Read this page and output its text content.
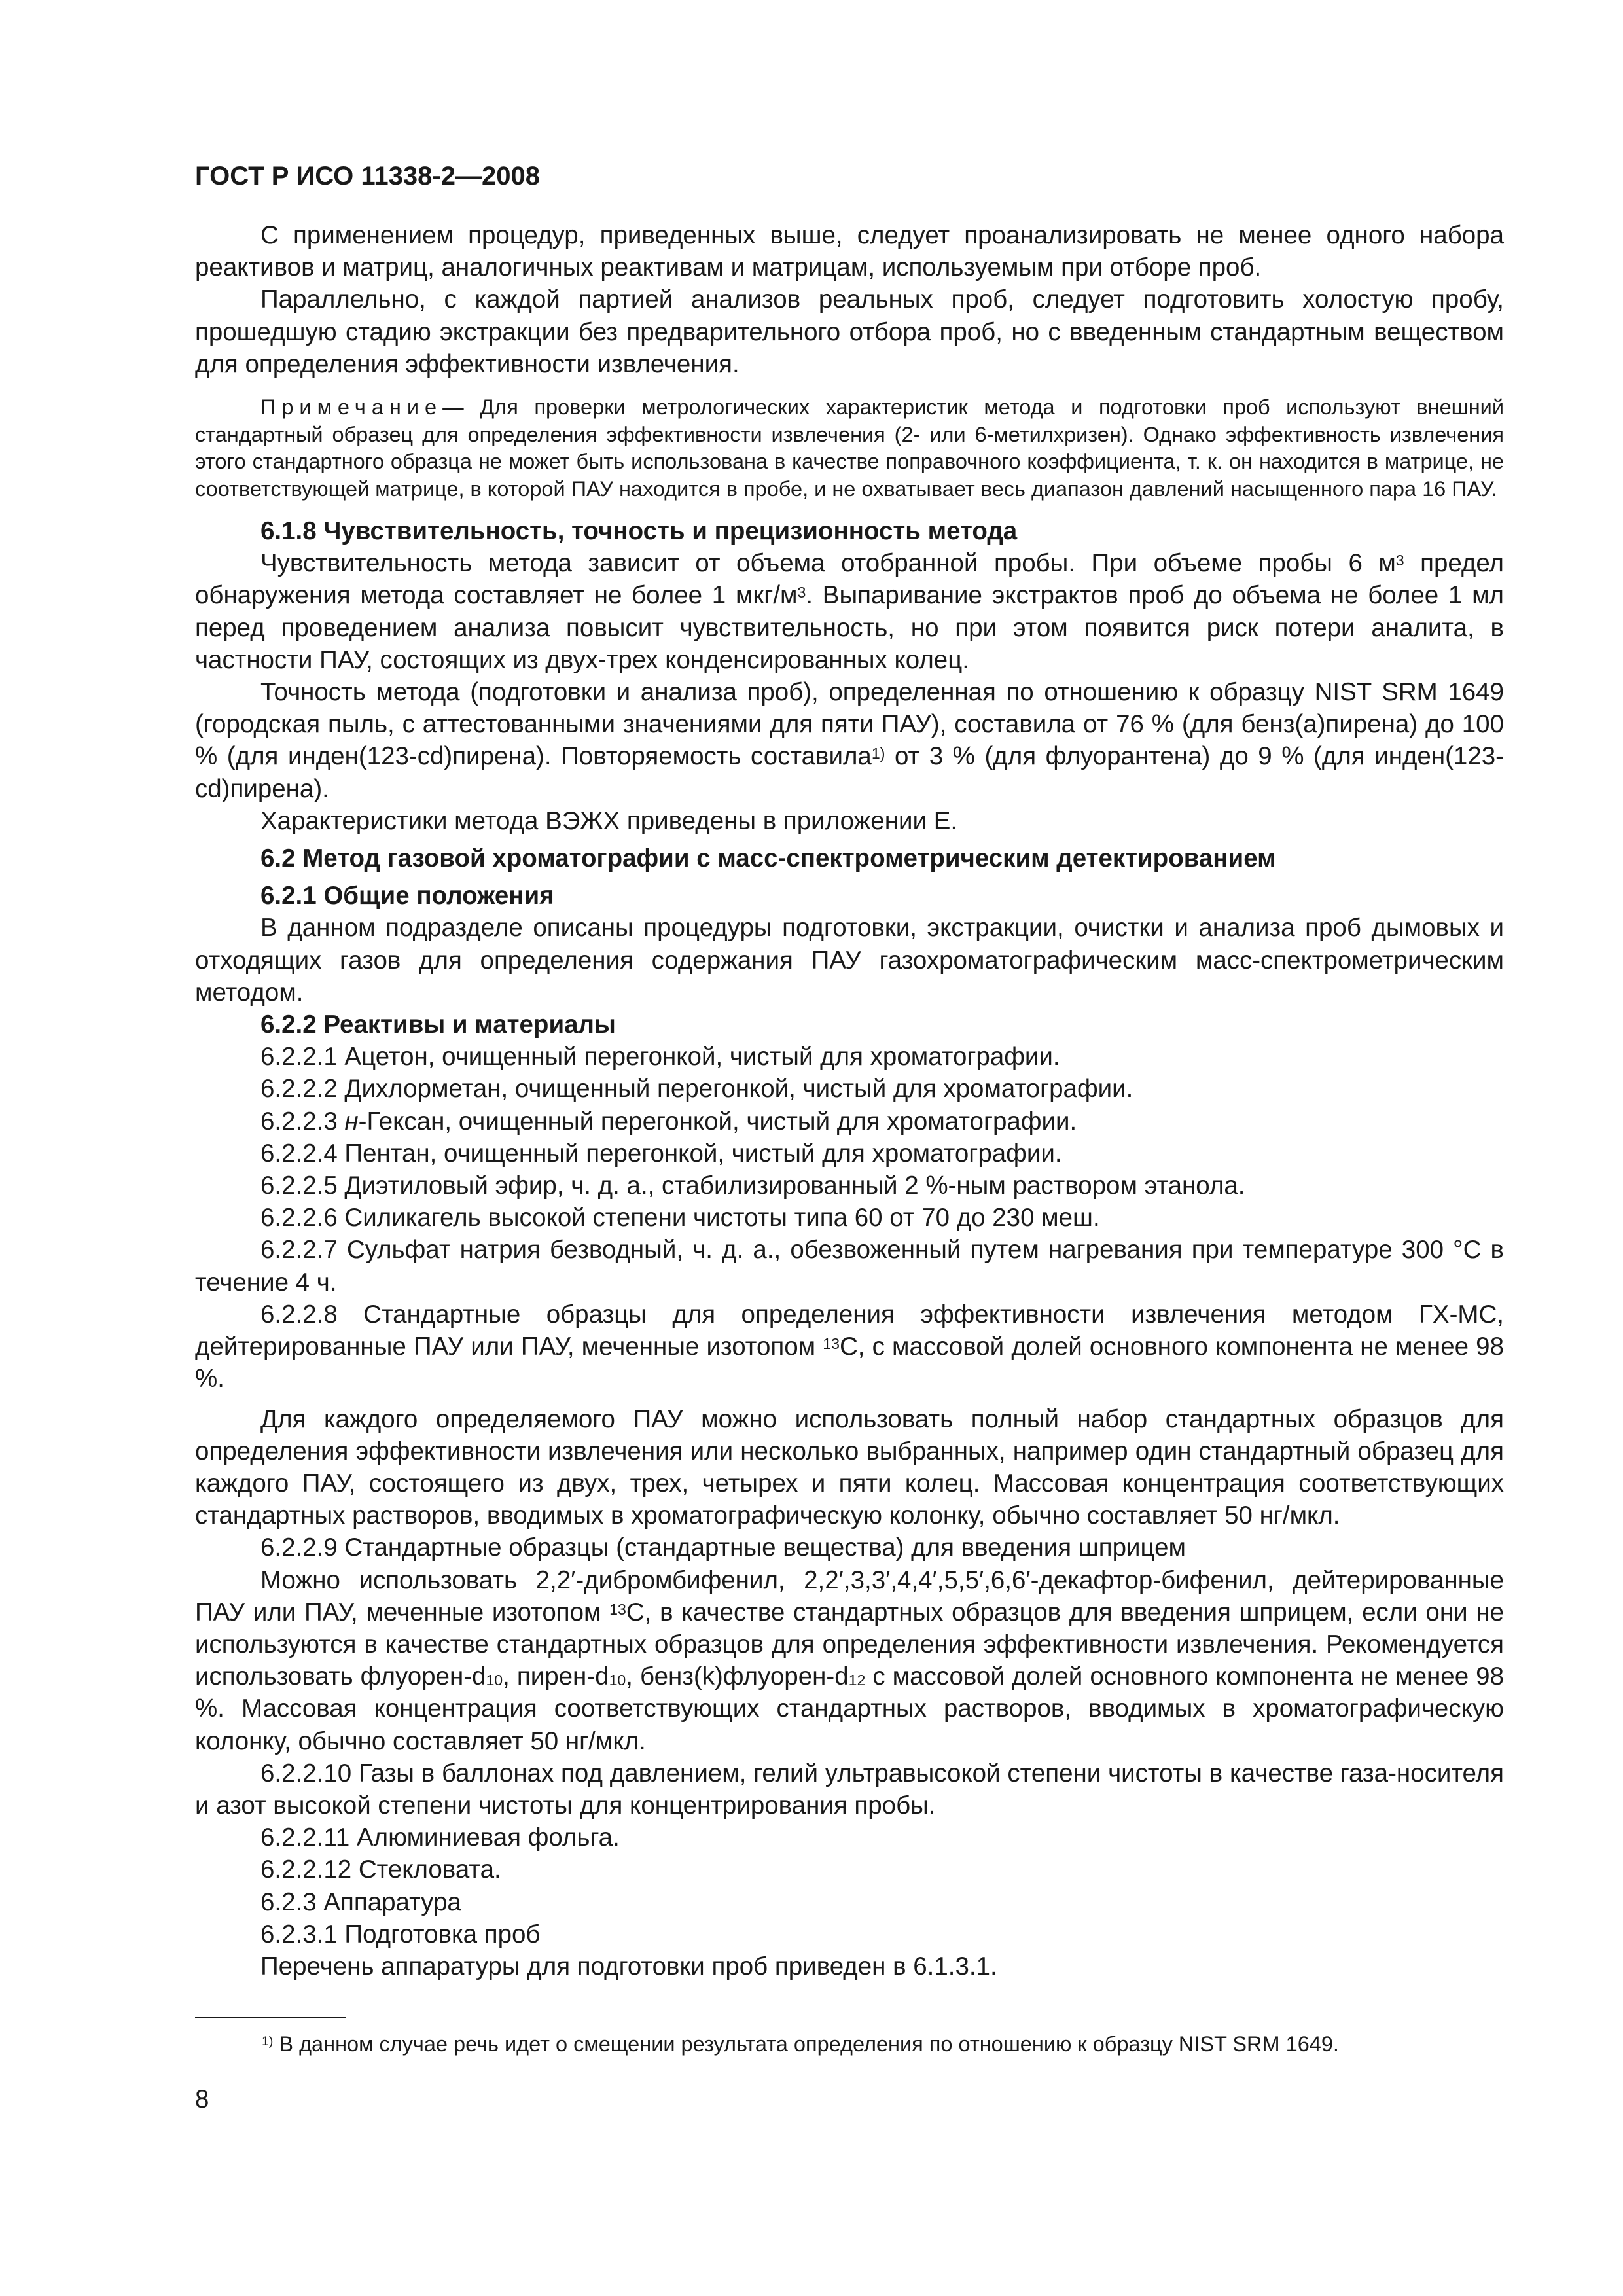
ГОСТ Р ИСО 11338-2—2008

С применением процедур, приведенных выше, следует проанализировать не менее одного набора реактивов и матриц, аналогичных реактивам и матрицам, используемым при отборе проб.

Параллельно, с каждой партией анализов реальных проб, следует подготовить холостую пробу, прошедшую стадию экстракции без предварительного отбора проб, но с введенным стандартным веществом для определения эффективности извлечения.

Примечание— Для проверки метрологических характеристик метода и подготовки проб используют внешний стандартный образец для определения эффективности извлечения (2- или 6-метилхризен). Однако эффективность извлечения этого стандартного образца не может быть использована в качестве поправочного коэффициента, т. к. он находится в матрице, не соответствующей матрице, в которой ПАУ находится в пробе, и не охватывает весь диапазон давлений насыщенного пара 16 ПАУ.

6.1.8 Чувствительность, точность и прецизионность метода

Чувствительность метода зависит от объема отобранной пробы. При объеме пробы 6 $м^3$ предел обнаружения метода составляет не более 1 мкг/$м^3$. Выпаривание экстрактов проб до объема не более 1 мл перед проведением анализа повысит чувствительность, но при этом появится риск потери аналита, в частности ПАУ, состоящих из двух-трех конденсированных колец.

Точность метода (подготовки и анализа проб), определенная по отношению к образцу NIST SRM 1649 (городская пыль, с аттестованными значениями для пяти ПАУ), составила от 76 % (для бенз(а)пирена) до 100 % (для инден(123-cd)пирена). Повторяемость составила$^{1)}$ от 3 % (для флуорантена) до 9 % (для инден(123-cd)пирена).

Характеристики метода ВЭЖХ приведены в приложении Е.

6.2 Метод газовой хроматографии с масс-спектрометрическим детектированием

6.2.1 Общие положения

В данном подразделе описаны процедуры подготовки, экстракции, очистки и анализа проб дымовых и отходящих газов для определения содержания ПАУ газохроматографическим масс-спектрометрическим методом.

6.2.2 Реактивы и материалы

6.2.2.1 Ацетон, очищенный перегонкой, чистый для хроматографии.

6.2.2.2 Дихлорметан, очищенный перегонкой, чистый для хроматографии.

6.2.2.3 н-Гексан, очищенный перегонкой, чистый для хроматографии.

6.2.2.4 Пентан, очищенный перегонкой, чистый для хроматографии.

6.2.2.5 Диэтиловый эфир, ч. д. а., стабилизированный 2 %-ным раствором этанола.

6.2.2.6 Силикагель высокой степени чистоты типа 60 от 70 до 230 меш.

6.2.2.7 Сульфат натрия безводный, ч. д. а., обезвоженный путем нагревания при температуре 300 °С в течение 4 ч.

6.2.2.8 Стандартные образцы для определения эффективности извлечения методом ГХ-МС, дейтерированные ПАУ или ПАУ, меченные изотопом $^{13}$С, с массовой долей основного компонента не менее 98 %.

Для каждого определяемого ПАУ можно использовать полный набор стандартных образцов для определения эффективности извлечения или несколько выбранных, например один стандартный образец для каждого ПАУ, состоящего из двух, трех, четырех и пяти колец. Массовая концентрация соответствующих стандартных растворов, вводимых в хроматографическую колонку, обычно составляет 50 нг/мкл.

6.2.2.9 Стандартные образцы (стандартные вещества) для введения шприцем

Можно использовать 2,2′-дибромбифенил, 2,2′,3,3′,4,4′,5,5′,6,6′-декафтор-бифенил, дейтерированные ПАУ или ПАУ, меченные изотопом $^{13}$С, в качестве стандартных образцов для введения шприцем, если они не используются в качестве стандартных образцов для определения эффективности извлечения. Рекомендуется использовать флуорен-$d_{10}$, пирен-$d_{10}$, $бенз(k)флуорен-d_{12}$ с массовой долей основного компонента не менее 98 %. Массовая концентрация соответствующих стандартных растворов, вводимых в хроматографическую колонку, обычно составляет 50 нг/мкл.

6.2.2.10 Газы в баллонах под давлением, гелий ультравысокой степени чистоты в качестве газа-носителя и азот высокой степени чистоты для концентрирования пробы.

6.2.2.11 Алюминиевая фольга.

6.2.2.12 Стекловата.

6.2.3 Аппаратура

6.2.3.1 Подготовка проб

Перечень аппаратуры для подготовки проб приведен в 6.1.3.1.

$^{1)}$ В данном случае речь идет о смещении результата определения по отношению к образцу NIST SRM 1649.
8
